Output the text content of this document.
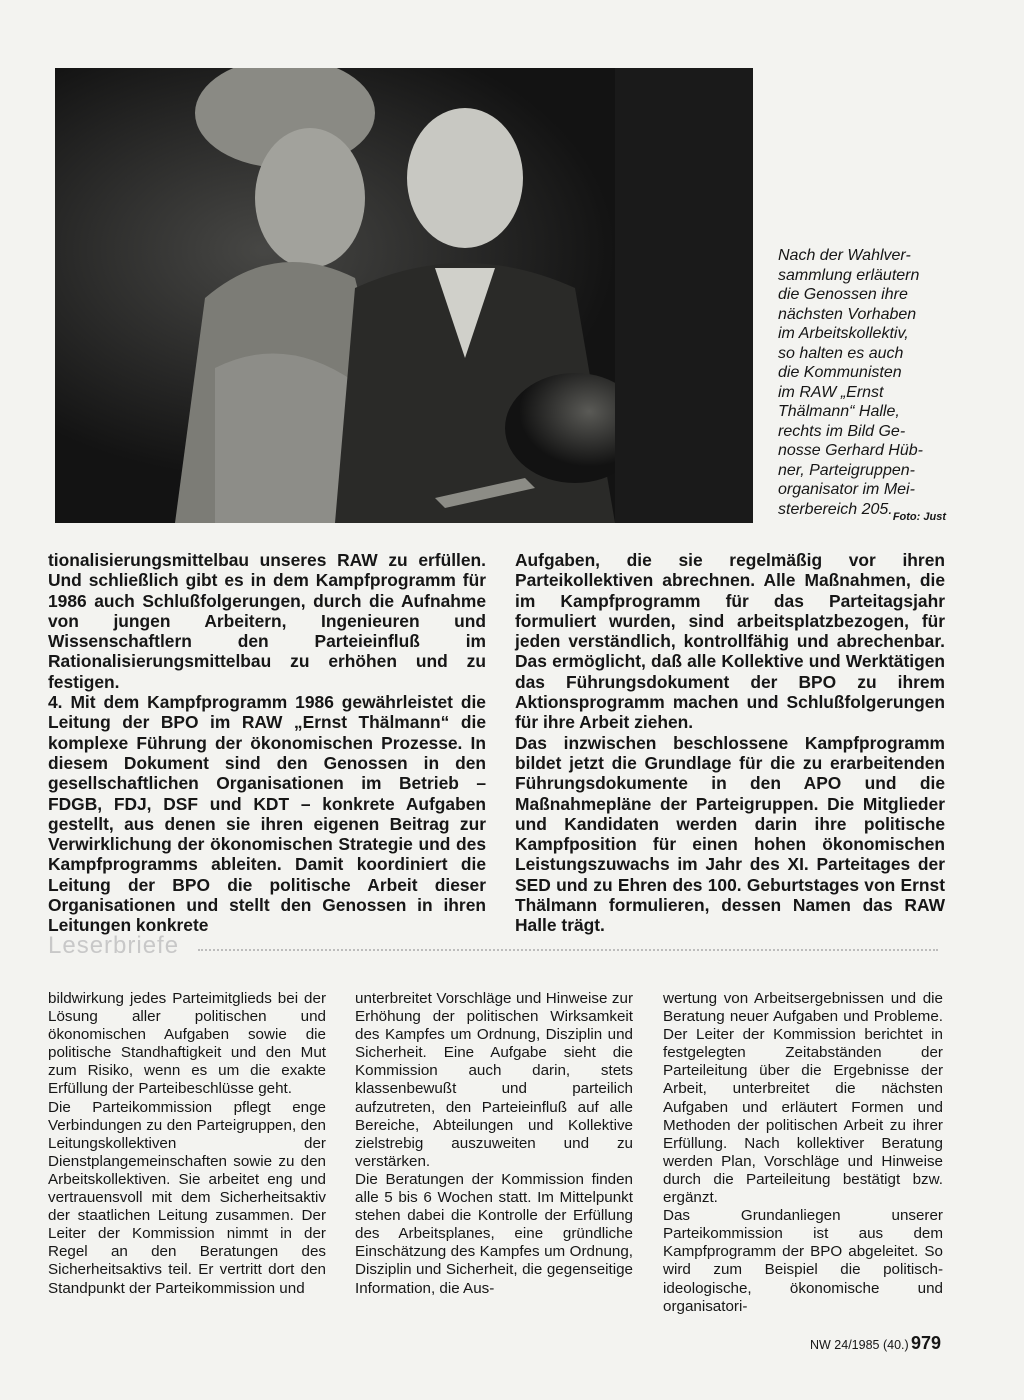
Nach der Wahlver-
sammlung erläutern
die Genossen ihre
nächsten Vorhaben
im Arbeitskollektiv,
so halten es auch
die Kommunisten
im RAW „Ernst
Thälmann“ Halle,
rechts im Bild Ge-
nosse Gerhard Hüb-
ner, Parteigruppen-
organisator im Mei-
sterbereich 205. Foto: Just

tionalisierungsmittelbau unseres RAW zu erfüllen. Und schließlich gibt es in dem Kampfprogramm für 1986 auch Schlußfolgerungen, durch die Aufnahme von jungen Arbeitern, Ingenieuren und Wissenschaftlern den Parteieinfluß im Rationalisierungsmittelbau zu erhöhen und zu festigen.

4. Mit dem Kampfprogramm 1986 gewährleistet die Leitung der BPO im RAW „Ernst Thälmann“ die komplexe Führung der ökonomischen Prozesse. In diesem Dokument sind den Genossen in den gesellschaftlichen Organisationen im Betrieb – FDGB, FDJ, DSF und KDT – konkrete Aufgaben gestellt, aus denen sie ihren eigenen Beitrag zur Verwirklichung der ökonomischen Strategie und des Kampfprogramms ableiten. Damit koordiniert die Leitung der BPO die politische Arbeit dieser Organisationen und stellt den Genossen in ihren Leitungen konkrete

Aufgaben, die sie regelmäßig vor ihren Parteikollektiven abrechnen. Alle Maßnahmen, die im Kampfprogramm für das Parteitagsjahr formuliert wurden, sind arbeitsplatzbezogen, für jeden verständlich, kontrollfähig und abrechenbar. Das ermöglicht, daß alle Kollektive und Werktätigen das Führungsdokument der BPO zu ihrem Aktionsprogramm machen und Schlußfolgerungen für ihre Arbeit ziehen.

Das inzwischen beschlossene Kampfprogramm bildet jetzt die Grundlage für die zu erarbeitenden Führungsdokumente in den APO und die Maßnahmepläne der Parteigruppen. Die Mitglieder und Kandidaten werden darin ihre politische Kampfposition für einen hohen ökonomischen Leistungszuwachs im Jahr des XI. Parteitages der SED und zu Ehren des 100. Geburtstages von Ernst Thälmann formulieren, dessen Namen das RAW Halle trägt.

Leserbriefe

bildwirkung jedes Parteimitglieds bei der Lösung aller politischen und ökonomischen Aufgaben sowie die politische Standhaftigkeit und den Mut zum Risiko, wenn es um die exakte Erfüllung der Parteibeschlüsse geht.

Die Parteikommission pflegt enge Verbindungen zu den Parteigruppen, den Leitungskollektiven der Dienstplangemeinschaften sowie zu den Arbeitskollektiven. Sie arbeitet eng und vertrauensvoll mit dem Sicherheitsaktiv der staatlichen Leitung zusammen. Der Leiter der Kommission nimmt in der Regel an den Beratungen des Sicherheitsaktivs teil. Er vertritt dort den Standpunkt der Parteikommission und

unterbreitet Vorschläge und Hinweise zur Erhöhung der politischen Wirksamkeit des Kampfes um Ordnung, Disziplin und Sicherheit. Eine Aufgabe sieht die Kommission auch darin, stets klassenbewußt und parteilich aufzutreten, den Parteieinfluß auf alle Bereiche, Abteilungen und Kollektive zielstrebig auszuweiten und zu verstärken.

Die Beratungen der Kommission finden alle 5 bis 6 Wochen statt. Im Mittelpunkt stehen dabei die Kontrolle der Erfüllung des Arbeitsplanes, eine gründliche Einschätzung des Kampfes um Ordnung, Disziplin und Sicherheit, die gegenseitige Information, die Aus-

wertung von Arbeitsergebnissen und die Beratung neuer Aufgaben und Probleme. Der Leiter der Kommission berichtet in festgelegten Zeitabständen der Parteileitung über die Ergebnisse der Arbeit, unterbreitet die nächsten Aufgaben und erläutert Formen und Methoden der politischen Arbeit zu ihrer Erfüllung. Nach kollektiver Beratung werden Plan, Vorschläge und Hinweise durch die Parteileitung bestätigt bzw. ergänzt.

Das Grundanliegen unserer Parteikommission ist aus dem Kampfprogramm der BPO abgeleitet. So wird zum Beispiel die politisch-ideologische, ökonomische und organisatori-

NW 24/1985 (40.) 979
